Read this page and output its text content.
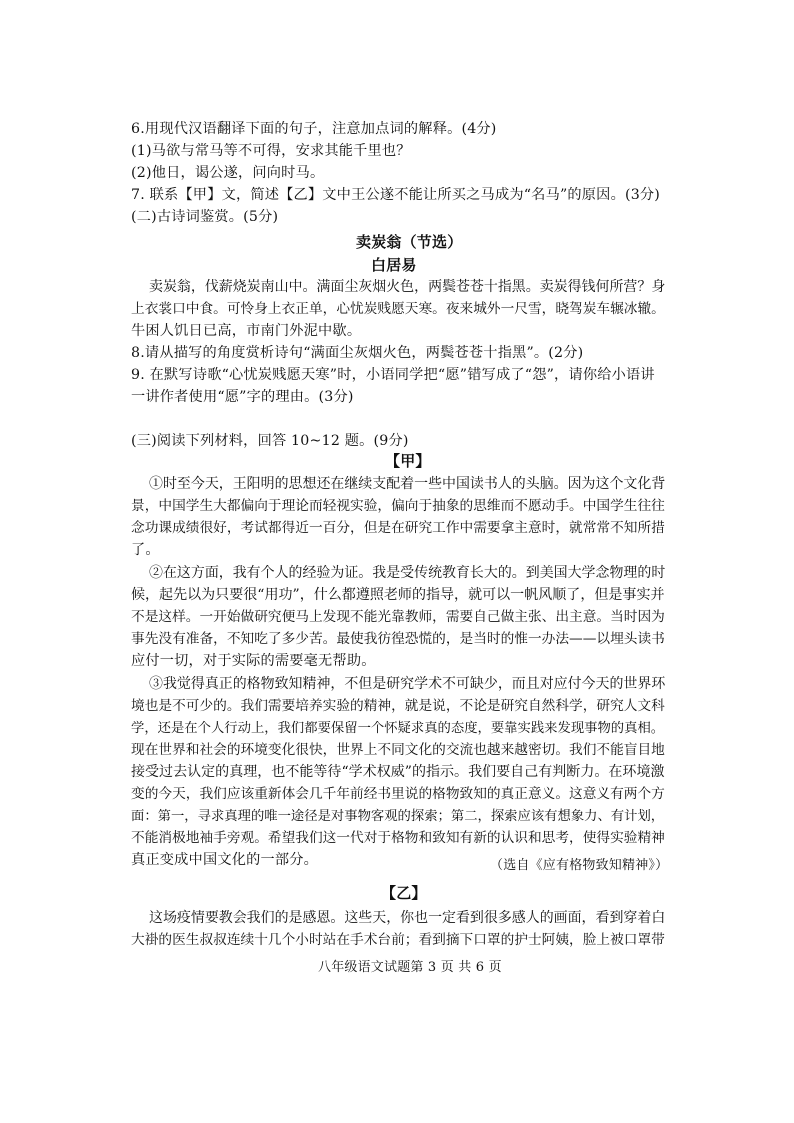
6.用现代汉语翻译下面的句子，注意加点词的解释。(4分)
(1)马欲与常马等不可得，安求其能千里也？
(2)他日，谒公遂，问向时马。
7. 联系【甲】文，简述【乙】文中王公遂不能让所买之马成为“名马”的原因。(3分)
(二)古诗词鉴赏。(5分)
卖炭翁（节选）
白居易
卖炭翁，伐薪烧炭南山中。满面尘灰烟火色，两鬓苍苍十指黑。卖炭得钱何所营？身
上衣裳口中食。可怜身上衣正单，心忧炭贱愿天寒。夜来城外一尺雪，晓驾炭车辗冰辙。
牛困人饥日已高，市南门外泥中歇。
8.请从描写的角度赏析诗句“满面尘灰烟火色，两鬓苍苍十指黑”。(2分)
9. 在默写诗歌“心忧炭贱愿天寒”时，小语同学把“愿”错写成了“怨”，请你给小语讲
一讲作者使用“愿”字的理由。(3分)
(三)阅读下列材料，回答 10~12 题。(9分)
【甲】
①时至今天，王阳明的思想还在继续支配着一些中国读书人的头脑。因为这个文化背
景，中国学生大都偏向于理论而轻视实验，偏向于抽象的思维而不愿动手。中国学生往往
念功课成绩很好，考试都得近一百分，但是在研究工作中需要拿主意时，就常常不知所措
了。
②在这方面，我有个人的经验为证。我是受传统教育长大的。到美国大学念物理的时
候，起先以为只要很“用功”，什么都遵照老师的指导，就可以一帆风顺了，但是事实并
不是这样。一开始做研究便马上发现不能光靠教师，需要自己做主张、出主意。当时因为
事先没有准备，不知吃了多少苦。最使我彷徨恐慌的，是当时的惟一办法——以埋头读书
应付一切，对于实际的需要毫无帮助。
③我觉得真正的格物致知精神，不但是研究学术不可缺少，而且对应付今天的世界环
境也是不可少的。我们需要培养实验的精神，就是说，不论是研究自然科学，研究人文科
学，还是在个人行动上，我们都要保留一个怀疑求真的态度，要靠实践来发现事物的真相。
现在世界和社会的环境变化很快，世界上不同文化的交流也越来越密切。我们不能盲目地
接受过去认定的真理，也不能等待“学术权威”的指示。我们要自己有判断力。在环境激
变的今天，我们应该重新体会几千年前经书里说的格物致知的真正意义。这意义有两个方
面：第一，寻求真理的唯一途径是对事物客观的探索；第二，探索应该有想象力、有计划，
不能消极地袖手旁观。希望我们这一代对于格物和致知有新的认识和思考，使得实验精神
真正变成中国文化的一部分。	（选自《应有格物致知精神》）
【乙】
这场疫情要教会我们的是感恩。这些天，你也一定看到很多感人的画面，看到穿着白
大褂的医生叔叔连续十几个小时站在手术台前；看到摘下口罩的护士阿姨，脸上被口罩带
八年级语文试题第 3 页 共 6 页
